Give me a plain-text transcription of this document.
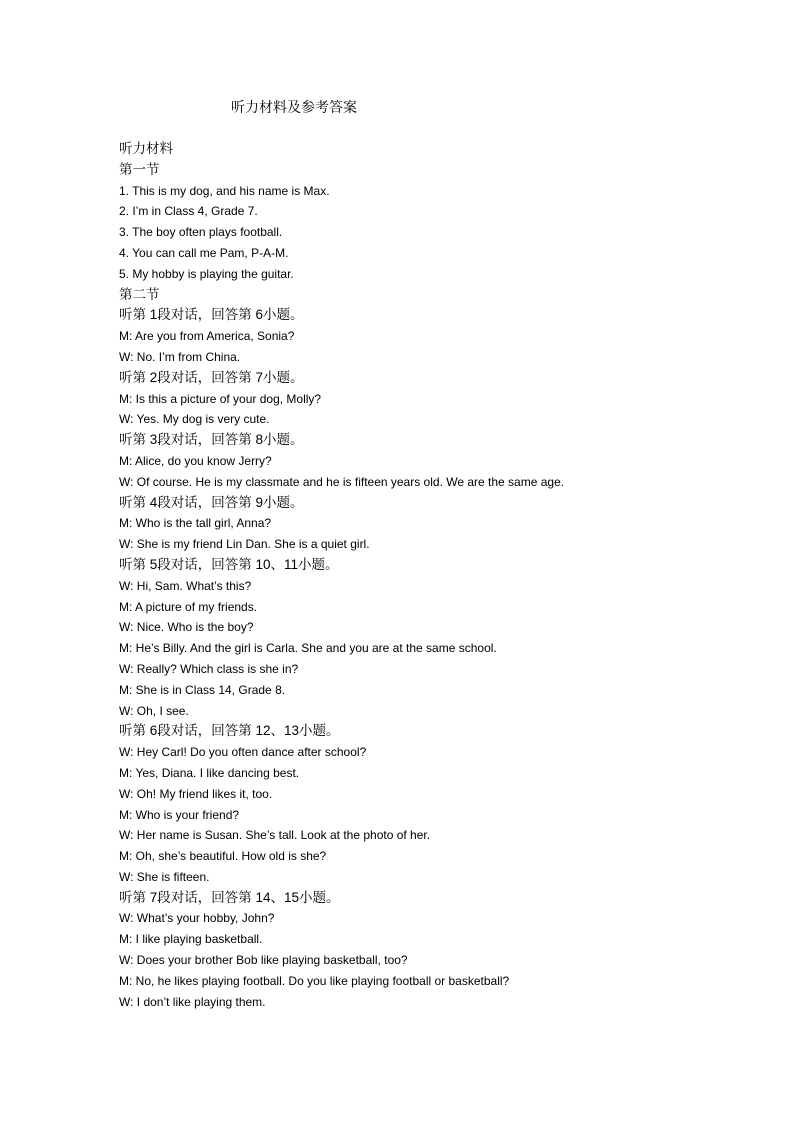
听力材料及参考答案
听力材料
第一节
1. This is my dog, and his name is Max.
2. I’m in Class 4, Grade 7.
3. The boy often plays football.
4. You can call me Pam, P-A-M.
5. My hobby is playing the guitar.
第二节
听第 1段对话，回答第 6小题。
M: Are you from America, Sonia?
W: No. I’m from China.
听第 2段对话，回答第 7小题。
M: Is this a picture of your dog, Molly?
W: Yes. My dog is very cute.
听第 3段对话，回答第 8小题。
M: Alice, do you know Jerry?
W: Of course. He is my classmate and he is fifteen years old. We are the same age.
听第 4段对话，回答第 9小题。
M: Who is the tall girl, Anna?
W: She is my friend Lin Dan. She is a quiet girl.
听第 5段对话，回答第 10、11小题。
W: Hi, Sam. What’s this?
M: A picture of my friends.
W: Nice. Who is the boy?
M: He’s Billy. And the girl is Carla. She and you are at the same school.
W: Really? Which class is she in?
M: She is in Class 14, Grade 8.
W: Oh, I see.
听第 6段对话，回答第 12、13小题。
W: Hey Carl! Do you often dance after school?
M: Yes, Diana. I like dancing best.
W: Oh! My friend likes it, too.
M: Who is your friend?
W: Her name is Susan. She’s tall. Look at the photo of her.
M: Oh, she’s beautiful. How old is she?
W: She is fifteen.
听第 7段对话，回答第 14、15小题。
W: What’s your hobby, John?
M: I like playing basketball.
W: Does your brother Bob like playing basketball, too?
M: No, he likes playing football. Do you like playing football or basketball?
W: I don’t like playing them.
